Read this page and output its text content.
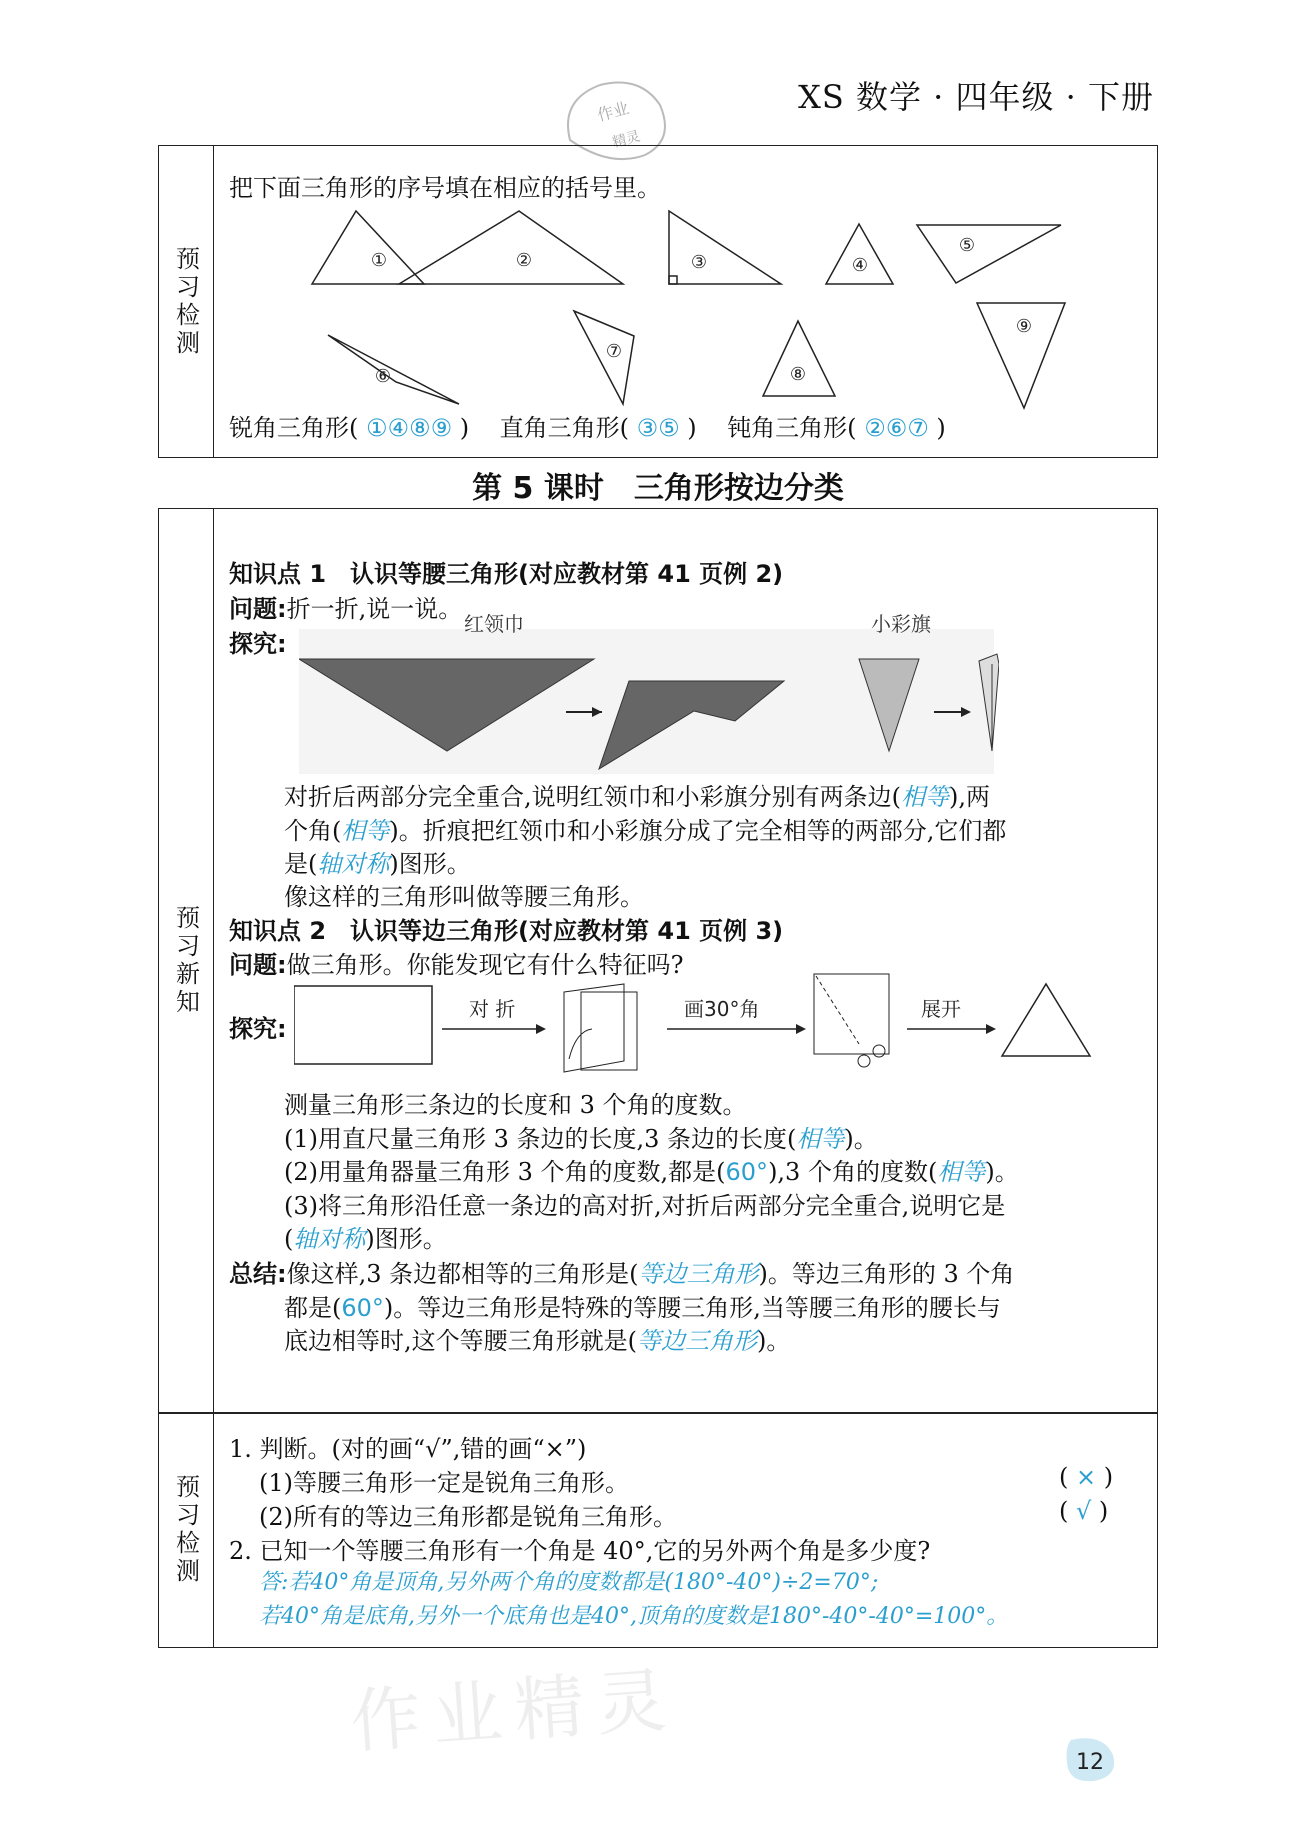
XS 数学 · 四年级 · 下册
作业
精灵
预习检测
把下面三角形的序号填在相应的括号里。
①	②	③	④
⑤
⑥
⑦
⑧
⑨
锐角三角形( ①④⑧⑨ ) 直角三角形( ③⑤ ) 钝角三角形( ②⑥⑦ )
第 5 课时　三角形按边分类
预习新知
知识点 1　认识等腰三角形(对应教材第 41 页例 2)
问题:折一折,说一说。
探究:
红领巾	小彩旗
对折后两部分完全重合,说明红领巾和小彩旗分别有两条边(相等),两
个角(相等)。折痕把红领巾和小彩旗分成了完全相等的两部分,它们都
是(轴对称)图形。
像这样的三角形叫做等腰三角形。
知识点 2　认识等边三角形(对应教材第 41 页例 3)
问题:做三角形。你能发现它有什么特征吗?
探究:
对 折	画30°角	展开
测量三角形三条边的长度和 3 个角的度数。
(1)用直尺量三角形 3 条边的长度,3 条边的长度(相等)。
(2)用量角器量三角形 3 个角的度数,都是(60°),3 个角的度数(相等)。
(3)将三角形沿任意一条边的高对折,对折后两部分完全重合,说明它是
(轴对称)图形。
总结:像这样,3 条边都相等的三角形是(等边三角形)。等边三角形的 3 个角
都是(60°)。等边三角形是特殊的等腰三角形,当等腰三角形的腰长与
底边相等时,这个等腰三角形就是(等边三角形)。
预习检测
1. 判断。(对的画“√”,错的画“×”)
(1)等腰三角形一定是锐角三角形。	( × )
(2)所有的等边三角形都是锐角三角形。	( √ )
2. 已知一个等腰三角形有一个角是 40°,它的另外两个角是多少度?
答:若40°角是顶角,另外两个角的度数都是(180°-40°)÷2=70°;
若40°角是底角,另外一个底角也是40°,顶角的度数是180°-40°-40°=100°。
作业精灵	12
